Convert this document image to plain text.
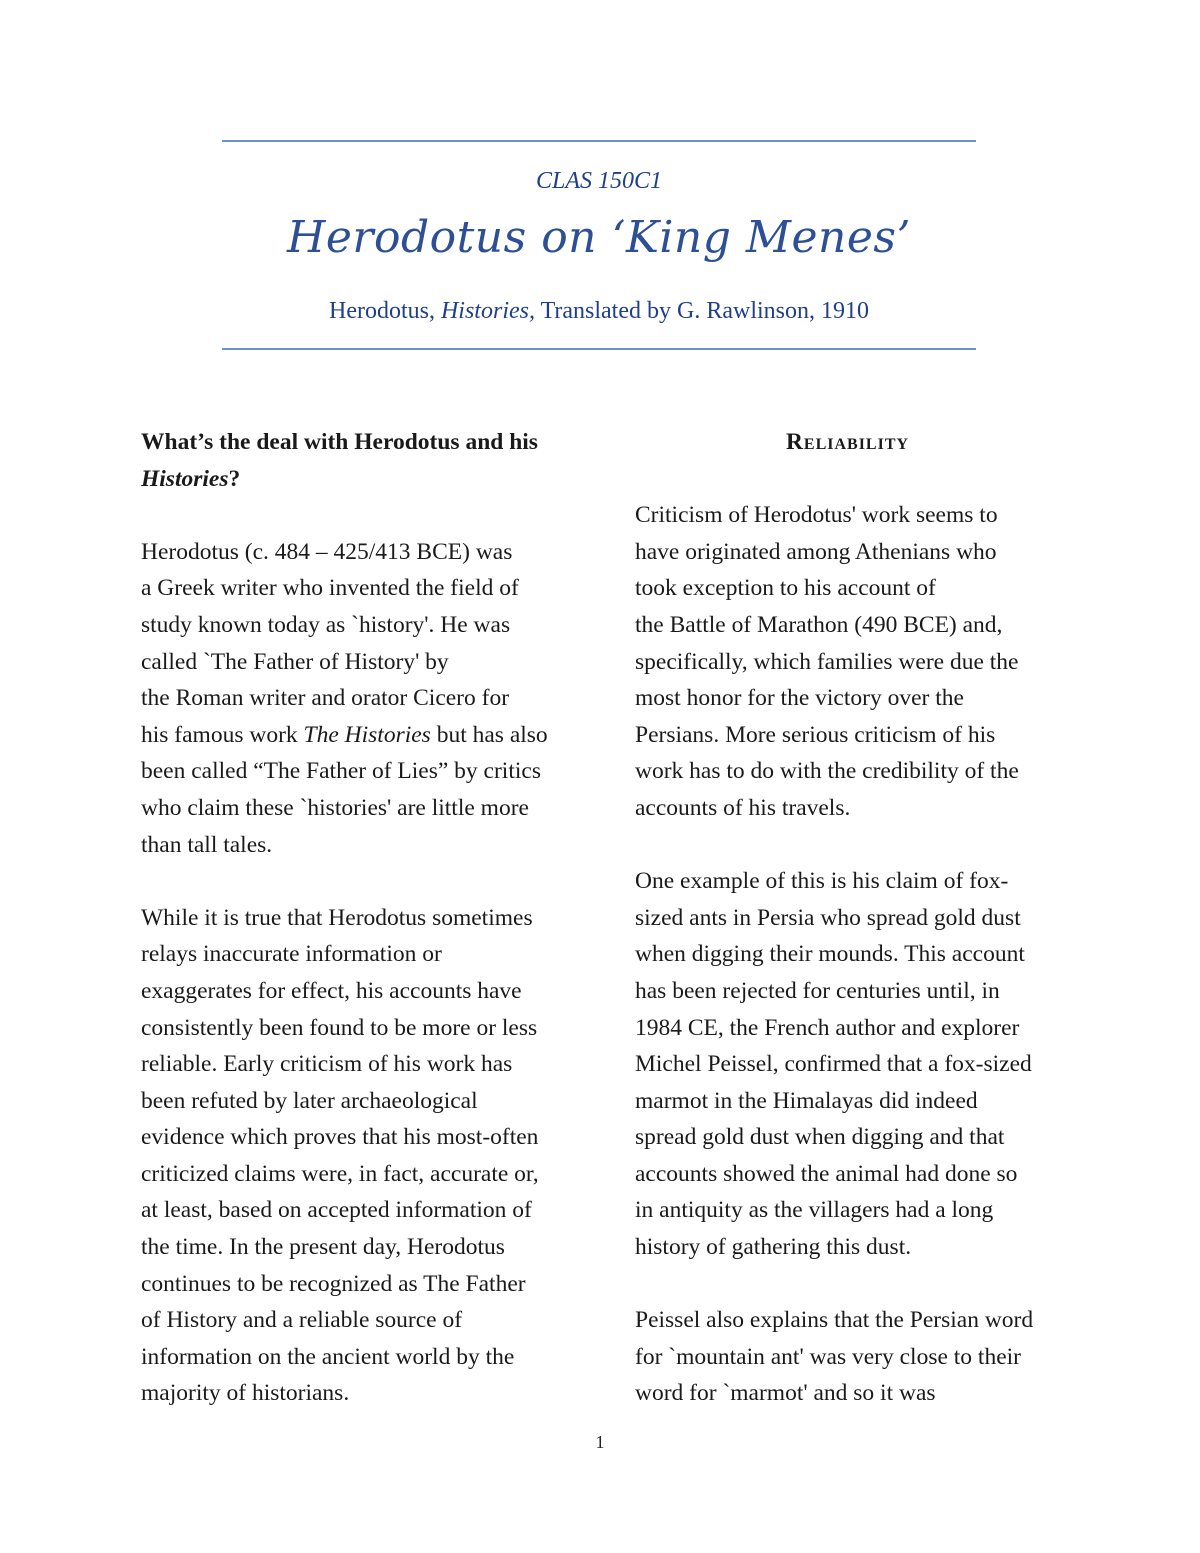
CLAS 150C1
Herodotus on ‘King Menes’
Herodotus, Histories, Translated by G. Rawlinson, 1910
What’s the deal with Herodotus and his
Histories?
Herodotus (c. 484 – 425/413 BCE) was
a Greek writer who invented the field of
study known today as `history'. He was
called `The Father of History' by
the Roman writer and orator Cicero for
his famous work The Histories but has also
been called “The Father of Lies” by critics
who claim these `histories' are little more
than tall tales.
While it is true that Herodotus sometimes
relays inaccurate information or
exaggerates for effect, his accounts have
consistently been found to be more or less
reliable. Early criticism of his work has
been refuted by later archaeological
evidence which proves that his most-often
criticized claims were, in fact, accurate or,
at least, based on accepted information of
the time. In the present day, Herodotus
continues to be recognized as The Father
of History and a reliable source of
information on the ancient world by the
majority of historians.
Reliability
Criticism of Herodotus' work seems to
have originated among Athenians who
took exception to his account of
the Battle of Marathon (490 BCE) and,
specifically, which families were due the
most honor for the victory over the
Persians. More serious criticism of his
work has to do with the credibility of the
accounts of his travels.
One example of this is his claim of fox-
sized ants in Persia who spread gold dust
when digging their mounds. This account
has been rejected for centuries until, in
1984 CE, the French author and explorer
Michel Peissel, confirmed that a fox-sized
marmot in the Himalayas did indeed
spread gold dust when digging and that
accounts showed the animal had done so
in antiquity as the villagers had a long
history of gathering this dust.
Peissel also explains that the Persian word
for `mountain ant' was very close to their
word for `marmot' and so it was
1
